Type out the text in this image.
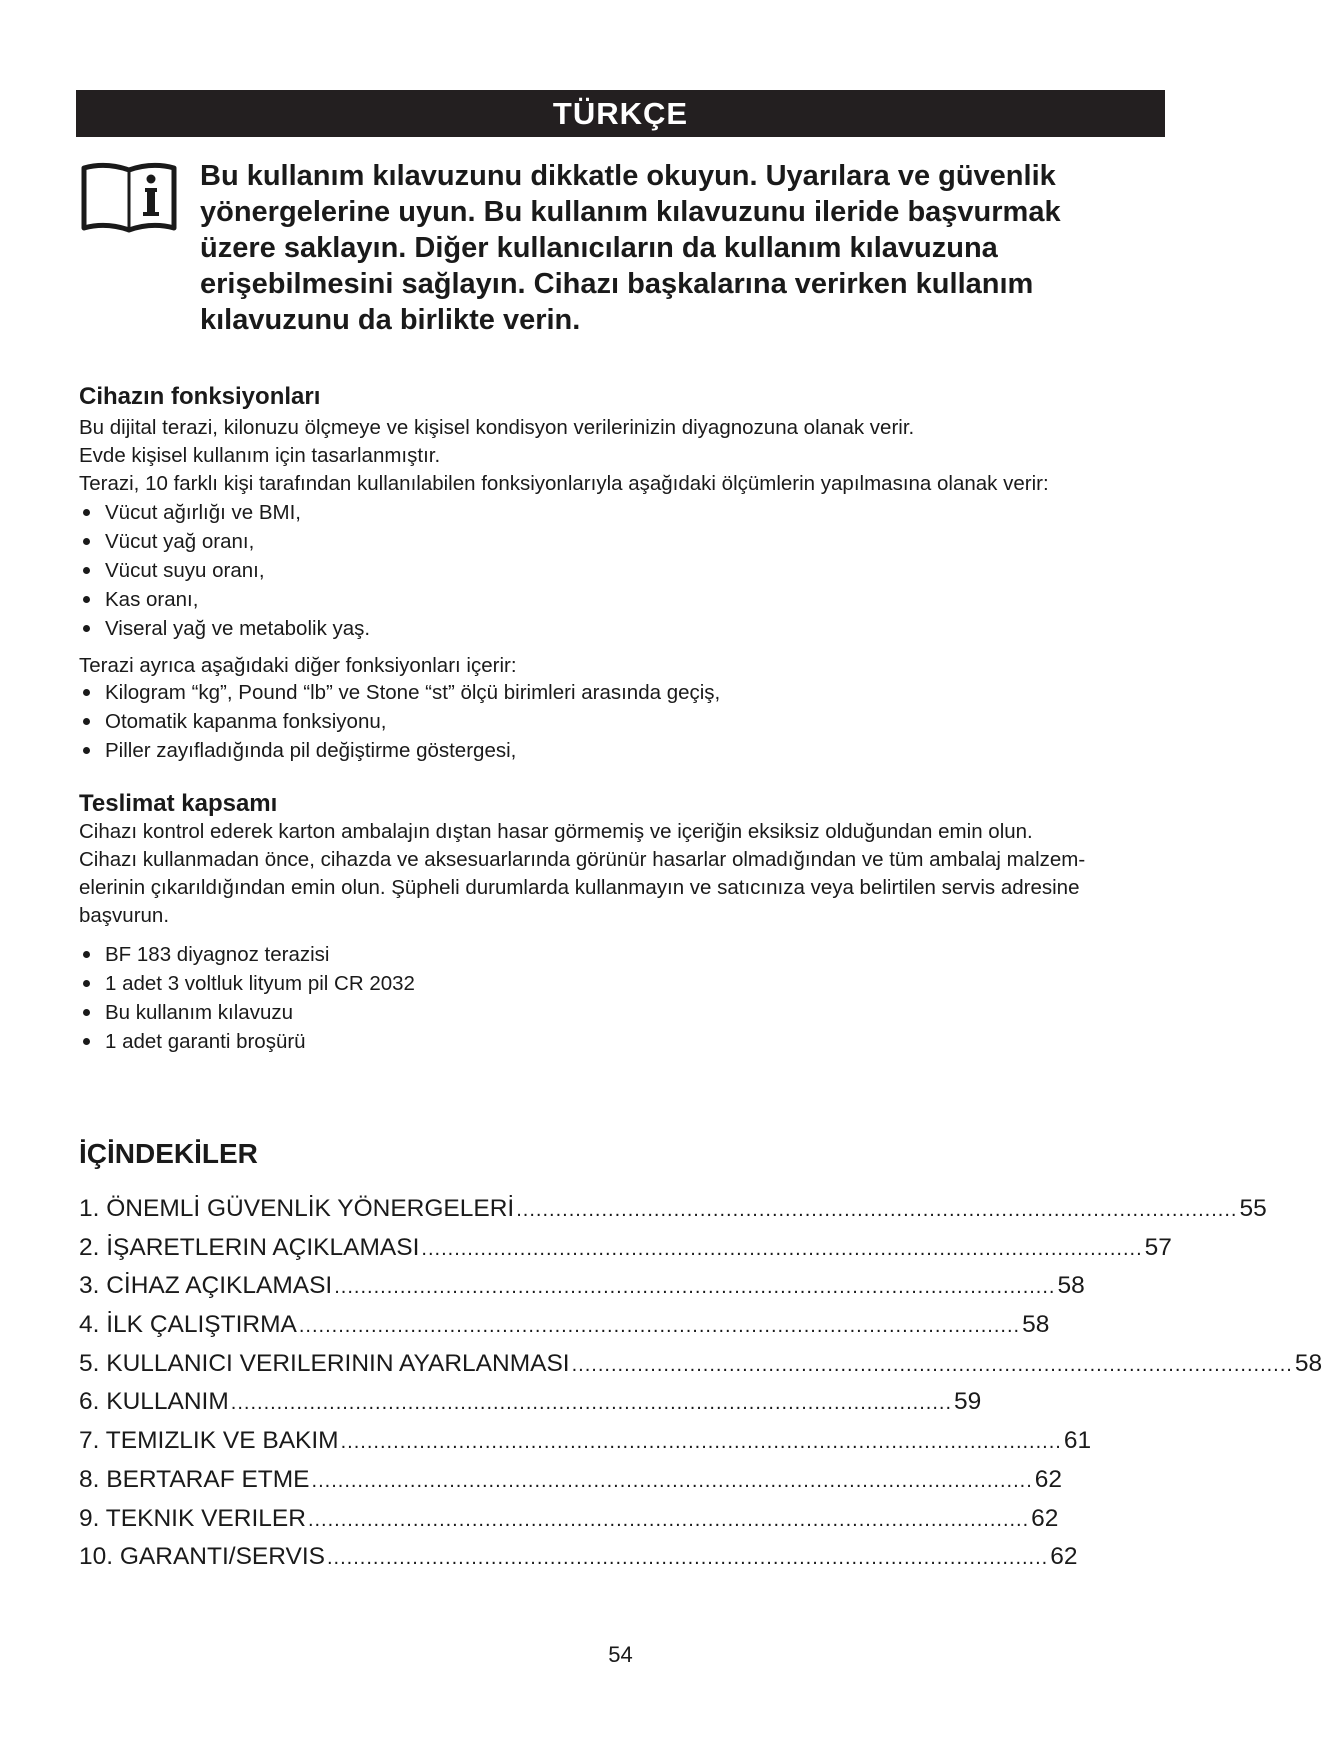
TÜRKÇE

Bu kullanım kılavuzunu dikkatle okuyun. Uyarılara ve güvenlik
yönergelerine uyun. Bu kullanım kılavuzunu ileride başvurmak
üzere saklayın. Diğer kullanıcıların da kullanım kılavuzuna
erişebilmesini sağlayın. Cihazı başkalarına verirken kullanım
kılavuzunu da birlikte verin.

Cihazın fonksiyonları

Bu dijital terazi, kilonuzu ölçmeye ve kişisel kondisyon verilerinizin diyagnozuna olanak verir.
Evde kişisel kullanım için tasarlanmıştır.
Terazi, 10 farklı kişi tarafından kullanılabilen fonksiyonlarıyla aşağıdaki ölçümlerin yapılmasına olanak verir:

Vücut ağırlığı ve BMI,
Vücut yağ oranı,
Vücut suyu oranı,
Kas oranı,
Viseral yağ ve metabolik yaş.

Terazi ayrıca aşağıdaki diğer fonksiyonları içerir:

Kilogram “kg”, Pound “lb” ve Stone “st” ölçü birimleri arasında geçiş,
Otomatik kapanma fonksiyonu,
Piller zayıfladığında pil değiştirme göstergesi,
Teslimat kapsamı

Cihazı kontrol ederek karton ambalajın dıştan hasar görmemiş ve içeriğin eksiksiz olduğundan emin olun.
Cihazı kullanmadan önce, cihazda ve aksesuarlarında görünür hasarlar olmadığından ve tüm ambalaj malzem-
elerinin çıkarıldığından emin olun. Şüpheli durumlarda kullanmayın ve satıcınıza veya belirtilen servis adresine
başvurun.

BF 183 diyagnoz terazisi
1 adet 3 voltluk lityum pil CR 2032
Bu kullanım kılavuzu
1 adet garanti broşürü
İÇİNDEKİLER
1. ÖNEMLİ GÜVENLİK YÖNERGELERİ .............................................................................................................. 55
2. İŞARETLERIN AÇIKLAMASI .............................................................................................................. 57
3. CİHAZ AÇIKLAMASI .............................................................................................................. 58
4. İLK ÇALIŞTIRMA .............................................................................................................. 58
5. KULLANICI VERILERININ AYARLANMASI .............................................................................................................. 58
6. KULLANIM .............................................................................................................. 59
7. TEMIZLIK VE BAKIM .............................................................................................................. 61
8. BERTARAF ETME .............................................................................................................. 62
9. TEKNIK VERILER .............................................................................................................. 62
10. GARANTI/SERVIS .............................................................................................................. 62
54
